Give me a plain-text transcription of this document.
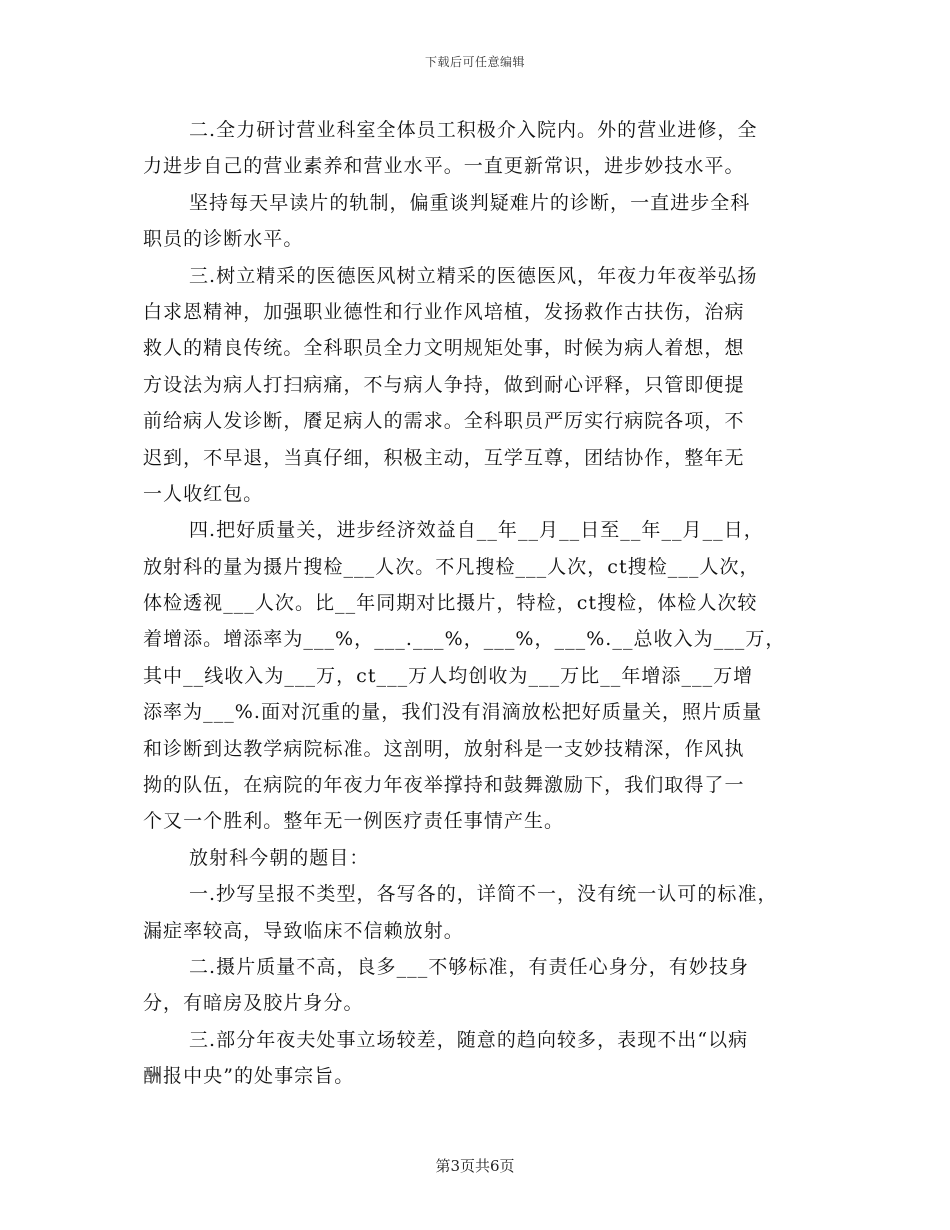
下载后可任意编辑
二.全力研讨营业科室全体员工积极介入院内。外的营业进修，全
力进步自己的营业素养和营业水平。一直更新常识，进步妙技水平。
坚持每天早读片的轨制，偏重谈判疑难片的诊断，一直进步全科
职员的诊断水平。
三.树立精采的医德医风树立精采的医德医风，年夜力年夜举弘扬
白求恩精神，加强职业德性和行业作风培植，发扬救作古扶伤，治病
救人的精良传统。全科职员全力文明规矩处事，时候为病人着想，想
方设法为病人打扫病痛，不与病人争持，做到耐心评释，只管即便提
前给病人发诊断，餍足病人的需求。全科职员严厉实行病院各项，不
迟到，不早退，当真仔细，积极主动，互学互尊，团结协作，整年无
一人收红包。
四.把好质量关，进步经济效益自__年__月__日至__年__月__日，
放射科的量为摄片搜检___人次。不凡搜检___人次，ct搜检___人次，
体检透视___人次。比__年同期对比摄片，特检，ct搜检，体检人次较
着增添。增添率为___%，___.___%，___%，___%.__总收入为___万，
其中__线收入为___万，ct___万人均创收为___万比__年增添___万增
添率为___%.面对沉重的量，我们没有涓滴放松把好质量关，照片质量
和诊断到达教学病院标准。这剖明，放射科是一支妙技精深，作风执
拗的队伍，在病院的年夜力年夜举撑持和鼓舞激励下，我们取得了一
个又一个胜利。整年无一例医疗责任事情产生。
放射科今朝的题目：
一.抄写呈报不类型，各写各的，详简不一，没有统一认可的标准，
漏症率较高，导致临床不信赖放射。
二.摄片质量不高，良多___不够标准，有责任心身分，有妙技身
分，有暗房及胶片身分。
三.部分年夜夫处事立场较差，随意的趋向较多，表现不出“以病
酬报中央”的处事宗旨。
第3页共6页
